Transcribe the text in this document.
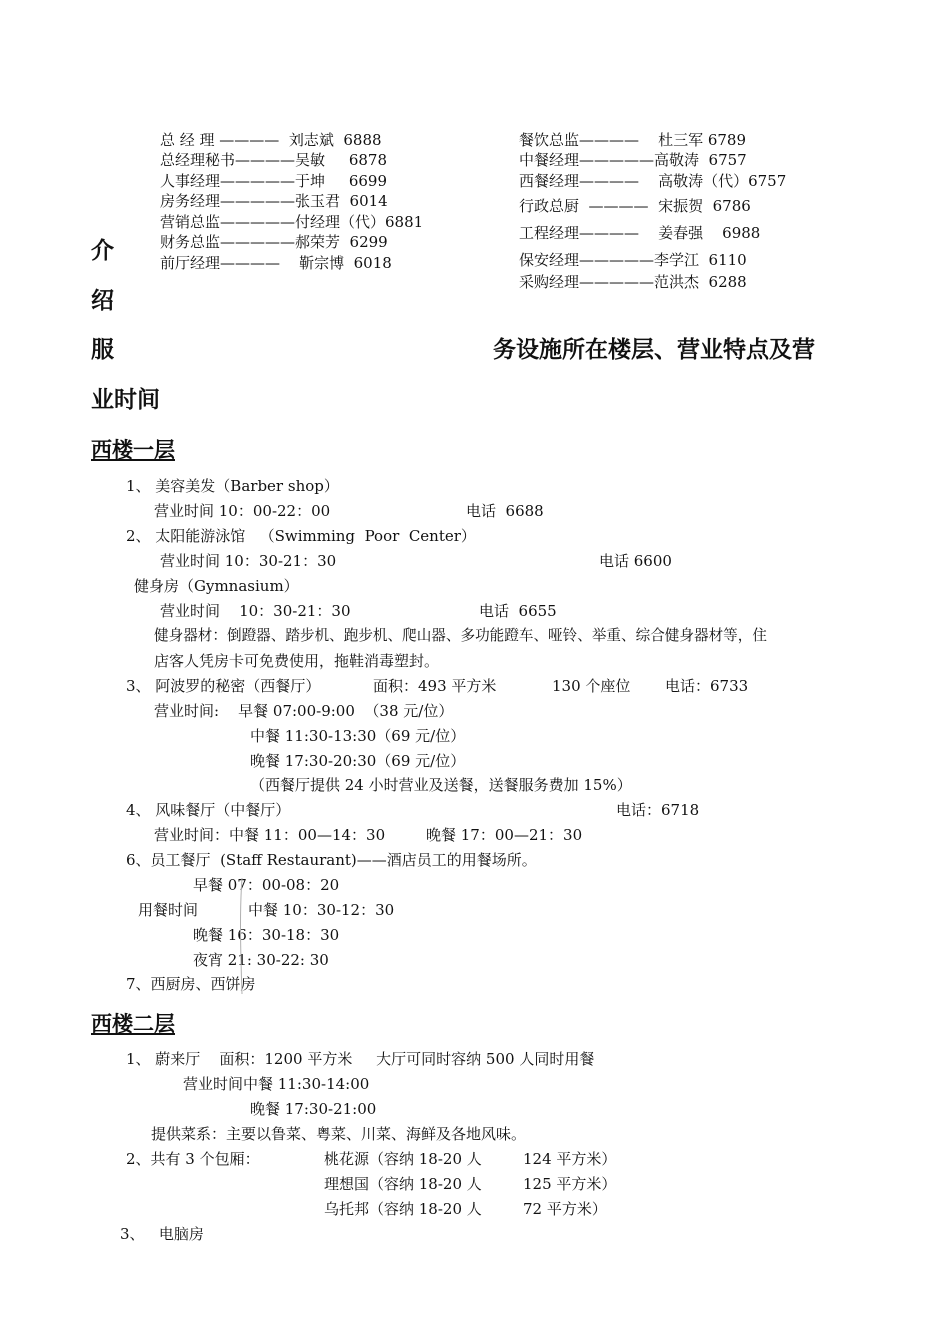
总 经 理 ————  刘志斌  6888
总经理秘书————吴敏     6878
人事经理—————于坤     6699
房务经理—————张玉君  6014
营销总监—————付经理（代）6881
财务总监—————郝荣芳  6299
前厅经理————    靳宗博  6018
餐饮总监————    杜三军 6789
中餐经理—————高敬涛  6757
西餐经理————    高敬涛（代）6757
行政总厨  ————  宋振贺  6786
工程经理————    姜春强    6988
保安经理—————李学江  6110
采购经理—————范洪杰  6288
介
绍
服	务设施所在楼层、营业特点及营
业时间
西楼一层
1、 美容美发（Barber shop）
营业时间 10：00-22：00	电话  6688
2、 太阳能游泳馆   （Swimming  Poor  Center）
营业时间 10：30-21：30	电话 6600
健身房（Gymnasium）
营业时间    10：30-21：30	电话  6655
健身器材：倒蹬器、踏步机、跑步机、爬山器、多功能蹬车、哑铃、举重、综合健身器材等，住
店客人凭房卡可免费使用，拖鞋消毒塑封。
3、 阿波罗的秘密（西餐厅）	面积：493 平方米	130 个座位 电话：6733
营业时间:    早餐 07:00-9:00  （38 元/位）
中餐 11:30-13:30（69 元/位）
晚餐 17:30-20:30（69 元/位）
（西餐厅提供 24 小时营业及送餐，送餐服务费加 15%）
4、 风味餐厅（中餐厅）	电话：6718
营业时间：中餐 11：00—14：30	晚餐 17：00—21：30
6、员工餐厅  (Staff Restaurant)——酒店员工的用餐场所。
早餐 07：00-08：20
用餐时间	中餐 10：30-12：30
晚餐 16：30-18：30
夜宵 21: 30-22: 30
7、西厨房、西饼房
西楼二层
1、 蔚来厅    面积：1200 平方米     大厅可同时容纳 500 人同时用餐
营业时间中餐 11:30-14:00
晚餐 17:30-21:00
提供菜系：主要以鲁菜、粤菜、川菜、海鲜及各地风味。
2、共有 3 个包厢：	桃花源（容纳 18-20 人	124 平方米）
理想国（容纳 18-20 人	125 平方米）
乌托邦（容纳 18-20 人	72 平方米）
3、   电脑房
